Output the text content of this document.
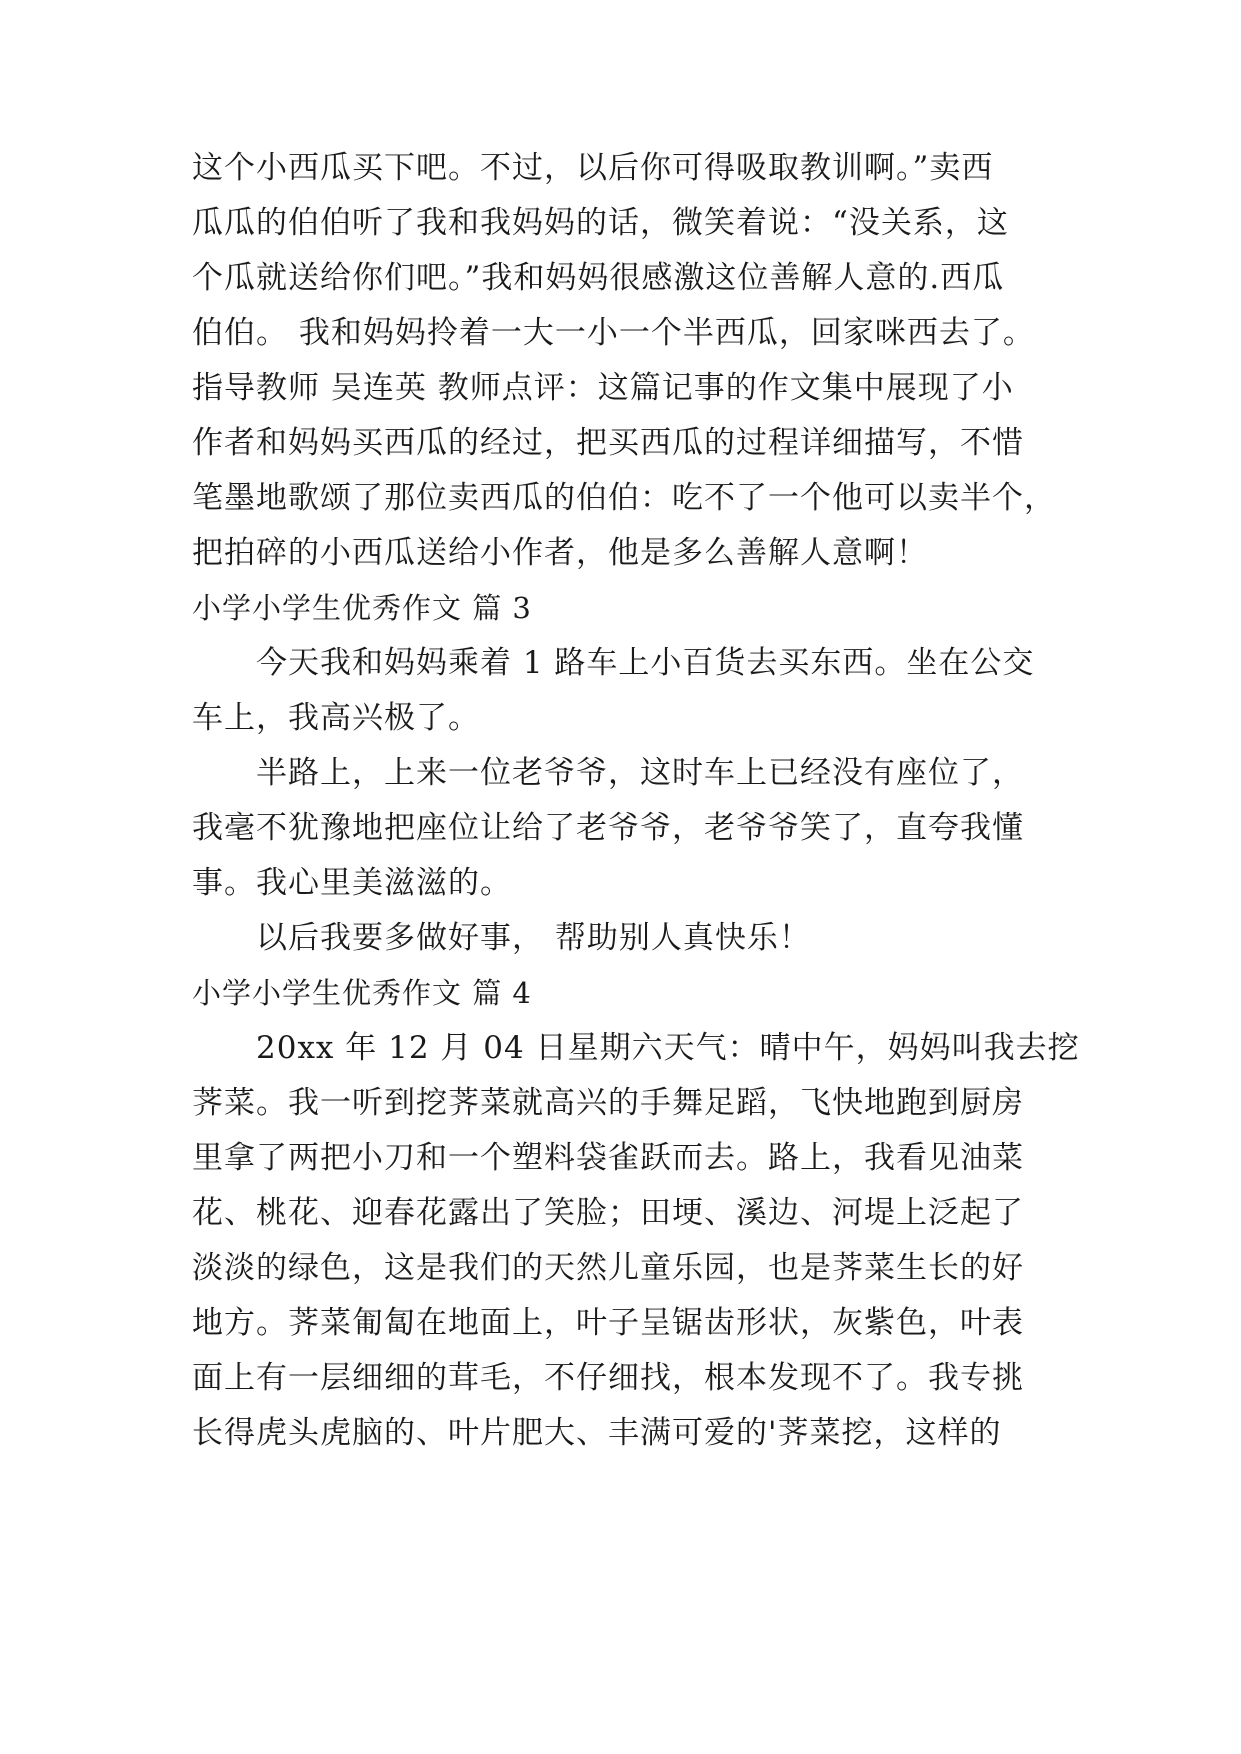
这个小西瓜买下吧。不过，以后你可得吸取教训啊。”卖西
瓜瓜的伯伯听了我和我妈妈的话，微笑着说：“没关系，这
个瓜就送给你们吧。”我和妈妈很感激这位善解人意的.西瓜
伯伯。 我和妈妈拎着一大一小一个半西瓜，回家咪西去了。
指导教师 吴连英 教师点评：这篇记事的作文集中展现了小
作者和妈妈买西瓜的经过，把买西瓜的过程详细描写，不惜
笔墨地歌颂了那位卖西瓜的伯伯：吃不了一个他可以卖半个，
把拍碎的小西瓜送给小作者，他是多么善解人意啊！
小学小学生优秀作文 篇 3
　　今天我和妈妈乘着 1 路车上小百货去买东西。坐在公交
车上，我高兴极了。
　　半路上，上来一位老爷爷，这时车上已经没有座位了，
我毫不犹豫地把座位让给了老爷爷，老爷爷笑了，直夸我懂
事。我心里美滋滋的。
　　以后我要多做好事， 帮助别人真快乐！
小学小学生优秀作文 篇 4
　　20xx 年 12 月 04 日星期六天气：晴中午，妈妈叫我去挖
荠菜。我一听到挖荠菜就高兴的手舞足蹈，飞快地跑到厨房
里拿了两把小刀和一个塑料袋雀跃而去。路上，我看见油菜
花、桃花、迎春花露出了笑脸；田埂、溪边、河堤上泛起了
淡淡的绿色，这是我们的天然儿童乐园，也是荠菜生长的好
地方。荠菜匍匐在地面上，叶子呈锯齿形状，灰紫色，叶表
面上有一层细细的茸毛，不仔细找，根本发现不了。我专挑
长得虎头虎脑的、叶片肥大、丰满可爱的'荠菜挖，这样的
